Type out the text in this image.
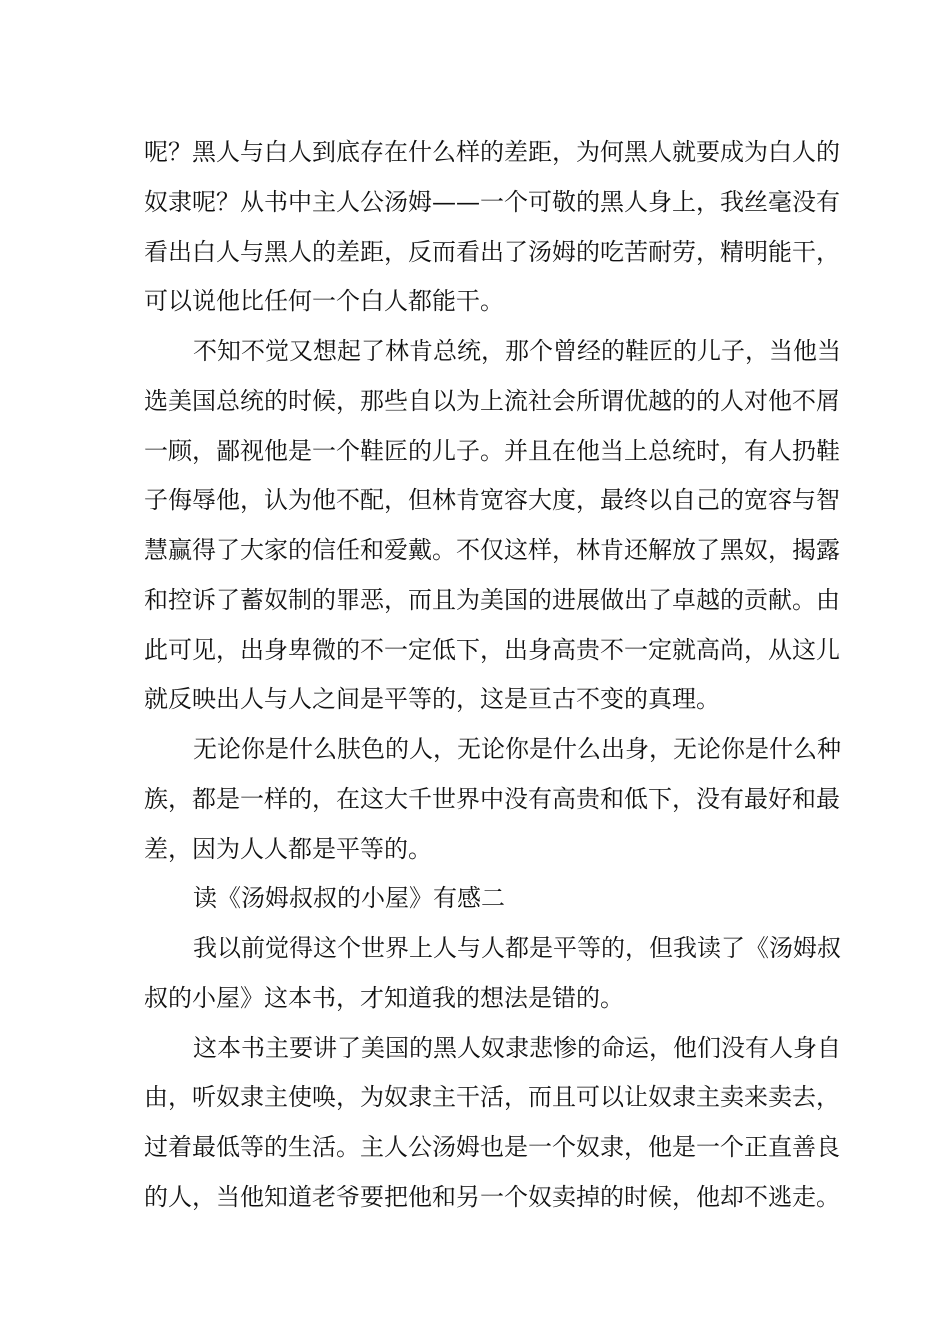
呢？黑人与白人到底存在什么样的差距，为何黑人就要成为白人的
奴隶呢？从书中主人公汤姆——一个可敬的黑人身上，我丝毫没有
看出白人与黑人的差距，反而看出了汤姆的吃苦耐劳，精明能干，
可以说他比任何一个白人都能干。
不知不觉又想起了林肯总统，那个曾经的鞋匠的儿子，当他当
选美国总统的时候，那些自以为上流社会所谓优越的的人对他不屑
一顾，鄙视他是一个鞋匠的儿子。并且在他当上总统时，有人扔鞋
子侮辱他，认为他不配，但林肯宽容大度，最终以自己的宽容与智
慧赢得了大家的信任和爱戴。不仅这样，林肯还解放了黑奴，揭露
和控诉了蓄奴制的罪恶，而且为美国的进展做出了卓越的贡献。由
此可见，出身卑微的不一定低下，出身高贵不一定就高尚，从这儿
就反映出人与人之间是平等的，这是亘古不变的真理。
无论你是什么肤色的人，无论你是什么出身，无论你是什么种
族，都是一样的，在这大千世界中没有高贵和低下，没有最好和最
差，因为人人都是平等的。
读《汤姆叔叔的小屋》有感二
我以前觉得这个世界上人与人都是平等的，但我读了《汤姆叔
叔的小屋》这本书，才知道我的想法是错的。
这本书主要讲了美国的黑人奴隶悲惨的命运，他们没有人身自
由，听奴隶主使唤，为奴隶主干活，而且可以让奴隶主卖来卖去，
过着最低等的生活。主人公汤姆也是一个奴隶，他是一个正直善良
的人，当他知道老爷要把他和另一个奴卖掉的时候，他却不逃走。
